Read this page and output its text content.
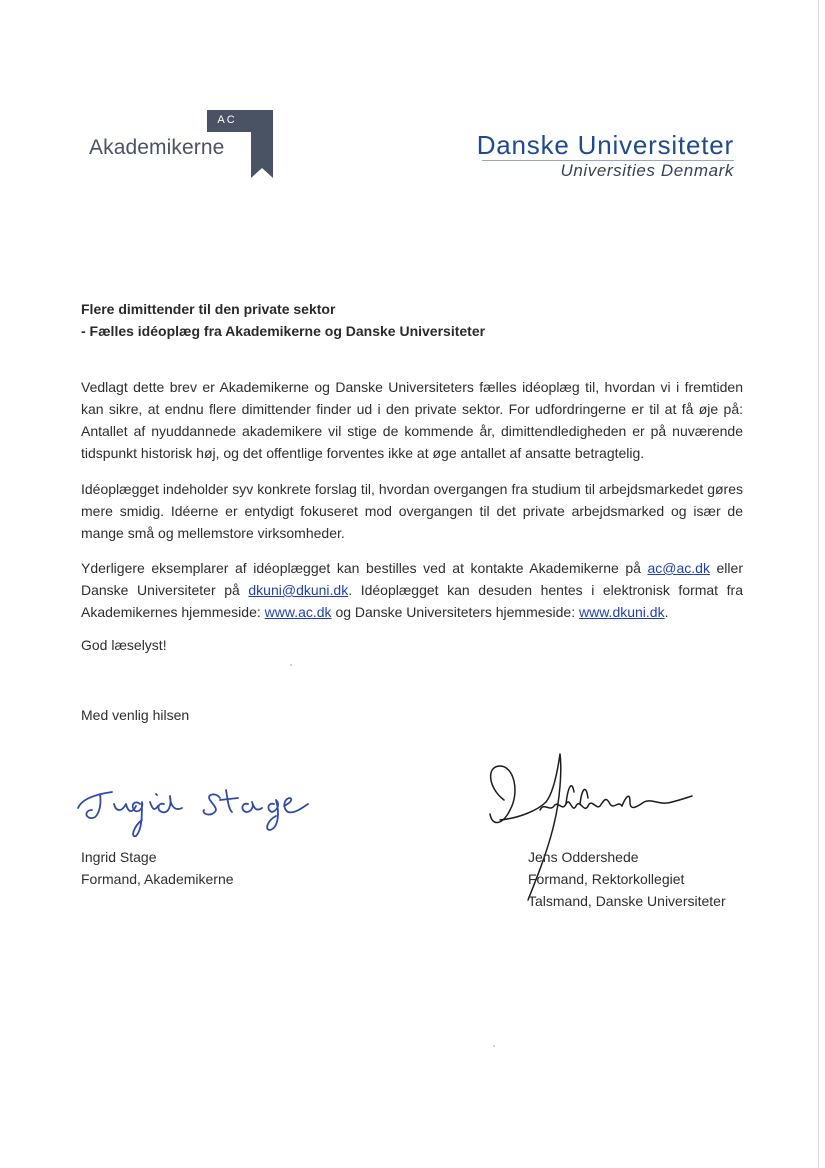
AC
Akademikerne	Danske Universiteter
Universities Denmark
Flere dimittender til den private sektor
- Fælles idéoplæg fra Akademikerne og Danske Universiteter
Vedlagt dette brev er Akademikerne og Danske Universiteters fælles idéoplæg til, hvordan vi i fremtiden kan sikre, at endnu flere dimittender finder ud i den private sektor. For udfordringerne er til at få øje på: Antallet af nyuddannede akademikere vil stige de kommende år, dimittendledigheden er på nuværende tidspunkt historisk høj, og det offentlige forventes ikke at øge antallet af ansatte betragtelig.
Idéoplægget indeholder syv konkrete forslag til, hvordan overgangen fra studium til arbejdsmarkedet gøres mere smidig. Idéerne er entydigt fokuseret mod overgangen til det private arbejdsmarked og især de mange små og mellemstore virksomheder.
Yderligere eksemplarer af idéoplægget kan bestilles ved at kontakte Akademikerne på ac@ac.dk eller Danske Universiteter på dkuni@dkuni.dk. Idéoplægget kan desuden hentes i elektronisk format fra Akademikernes hjemmeside: www.ac.dk og Danske Universiteters hjemmeside: www.dkuni.dk.
God læselyst!
Med venlig hilsen
Ingrid Stage
Formand, Akademikerne
Jens Oddershede
Formand, Rektorkollegiet
Talsmand, Danske Universiteter
